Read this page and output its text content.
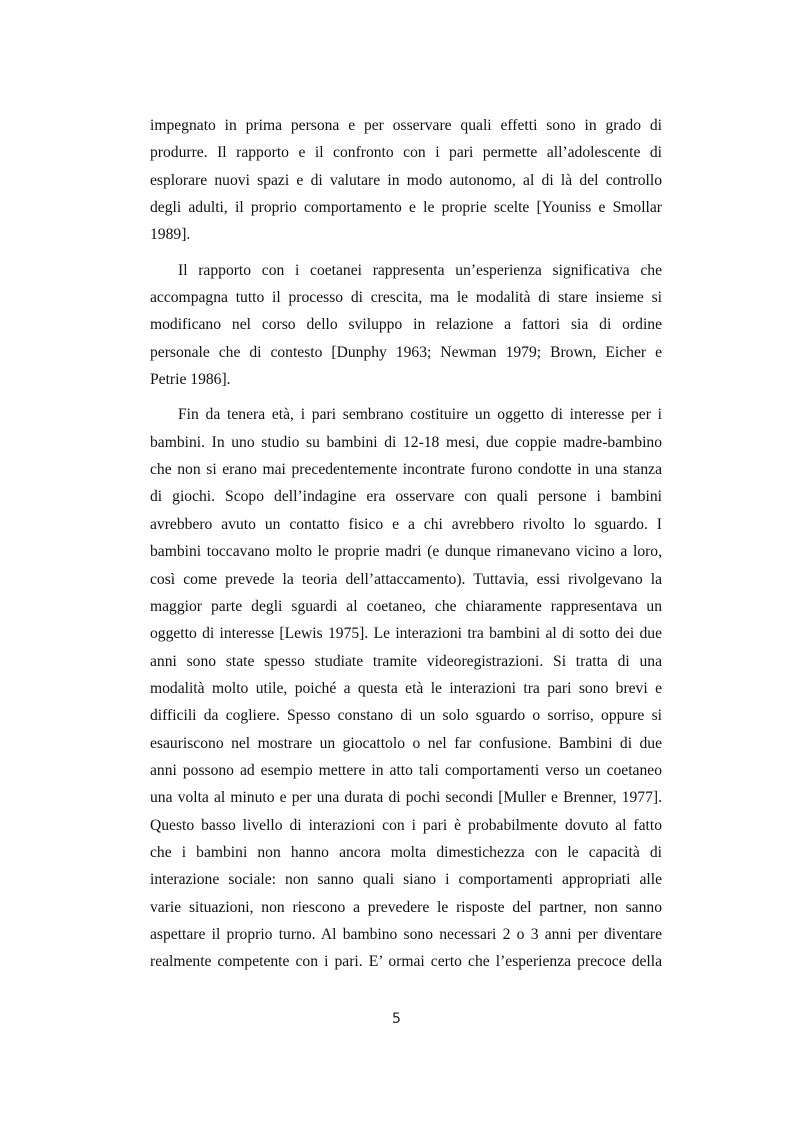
impegnato in prima persona e per osservare quali effetti sono in grado di
produrre. Il rapporto e il confronto con i pari permette all’adolescente di
esplorare nuovi spazi e di valutare in modo autonomo, al di là del controllo
degli adulti, il proprio comportamento e le proprie scelte [Youniss e Smollar
1989].

Il rapporto con i coetanei rappresenta un’esperienza significativa che
accompagna tutto il processo di crescita, ma le modalità di stare insieme si
modificano nel corso dello sviluppo in relazione a fattori sia di ordine
personale che di contesto [Dunphy 1963; Newman 1979; Brown, Eicher e
Petrie 1986].

Fin da tenera età, i pari sembrano costituire un oggetto di interesse per i
bambini. In uno studio su bambini di 12-18 mesi, due coppie madre-bambino
che non si erano mai precedentemente incontrate furono condotte in una stanza
di giochi. Scopo dell’indagine era osservare con quali persone i bambini
avrebbero avuto un contatto fisico e a chi avrebbero rivolto lo sguardo. I
bambini toccavano molto le proprie madri (e dunque rimanevano vicino a loro,
così come prevede la teoria dell’attaccamento). Tuttavia, essi rivolgevano la
maggior parte degli sguardi al coetaneo, che chiaramente rappresentava un
oggetto di interesse [Lewis 1975]. Le interazioni tra bambini al di sotto dei due
anni sono state spesso studiate tramite videoregistrazioni. Si tratta di una
modalità molto utile, poiché a questa età le interazioni tra pari sono brevi e
difficili da cogliere. Spesso constano di un solo sguardo o sorriso, oppure si
esauriscono nel mostrare un giocattolo o nel far confusione. Bambini di due
anni possono ad esempio mettere in atto tali comportamenti verso un coetaneo
una volta al minuto e per una durata di pochi secondi [Muller e Brenner, 1977].
Questo basso livello di interazioni con i pari è probabilmente dovuto al fatto
che i bambini non hanno ancora molta dimestichezza con le capacità di
interazione sociale: non sanno quali siano i comportamenti appropriati alle
varie situazioni, non riescono a prevedere le risposte del partner, non sanno
aspettare il proprio turno. Al bambino sono necessari 2 o 3 anni per diventare
realmente competente con i pari. E’ ormai certo che l’esperienza precoce della

5
